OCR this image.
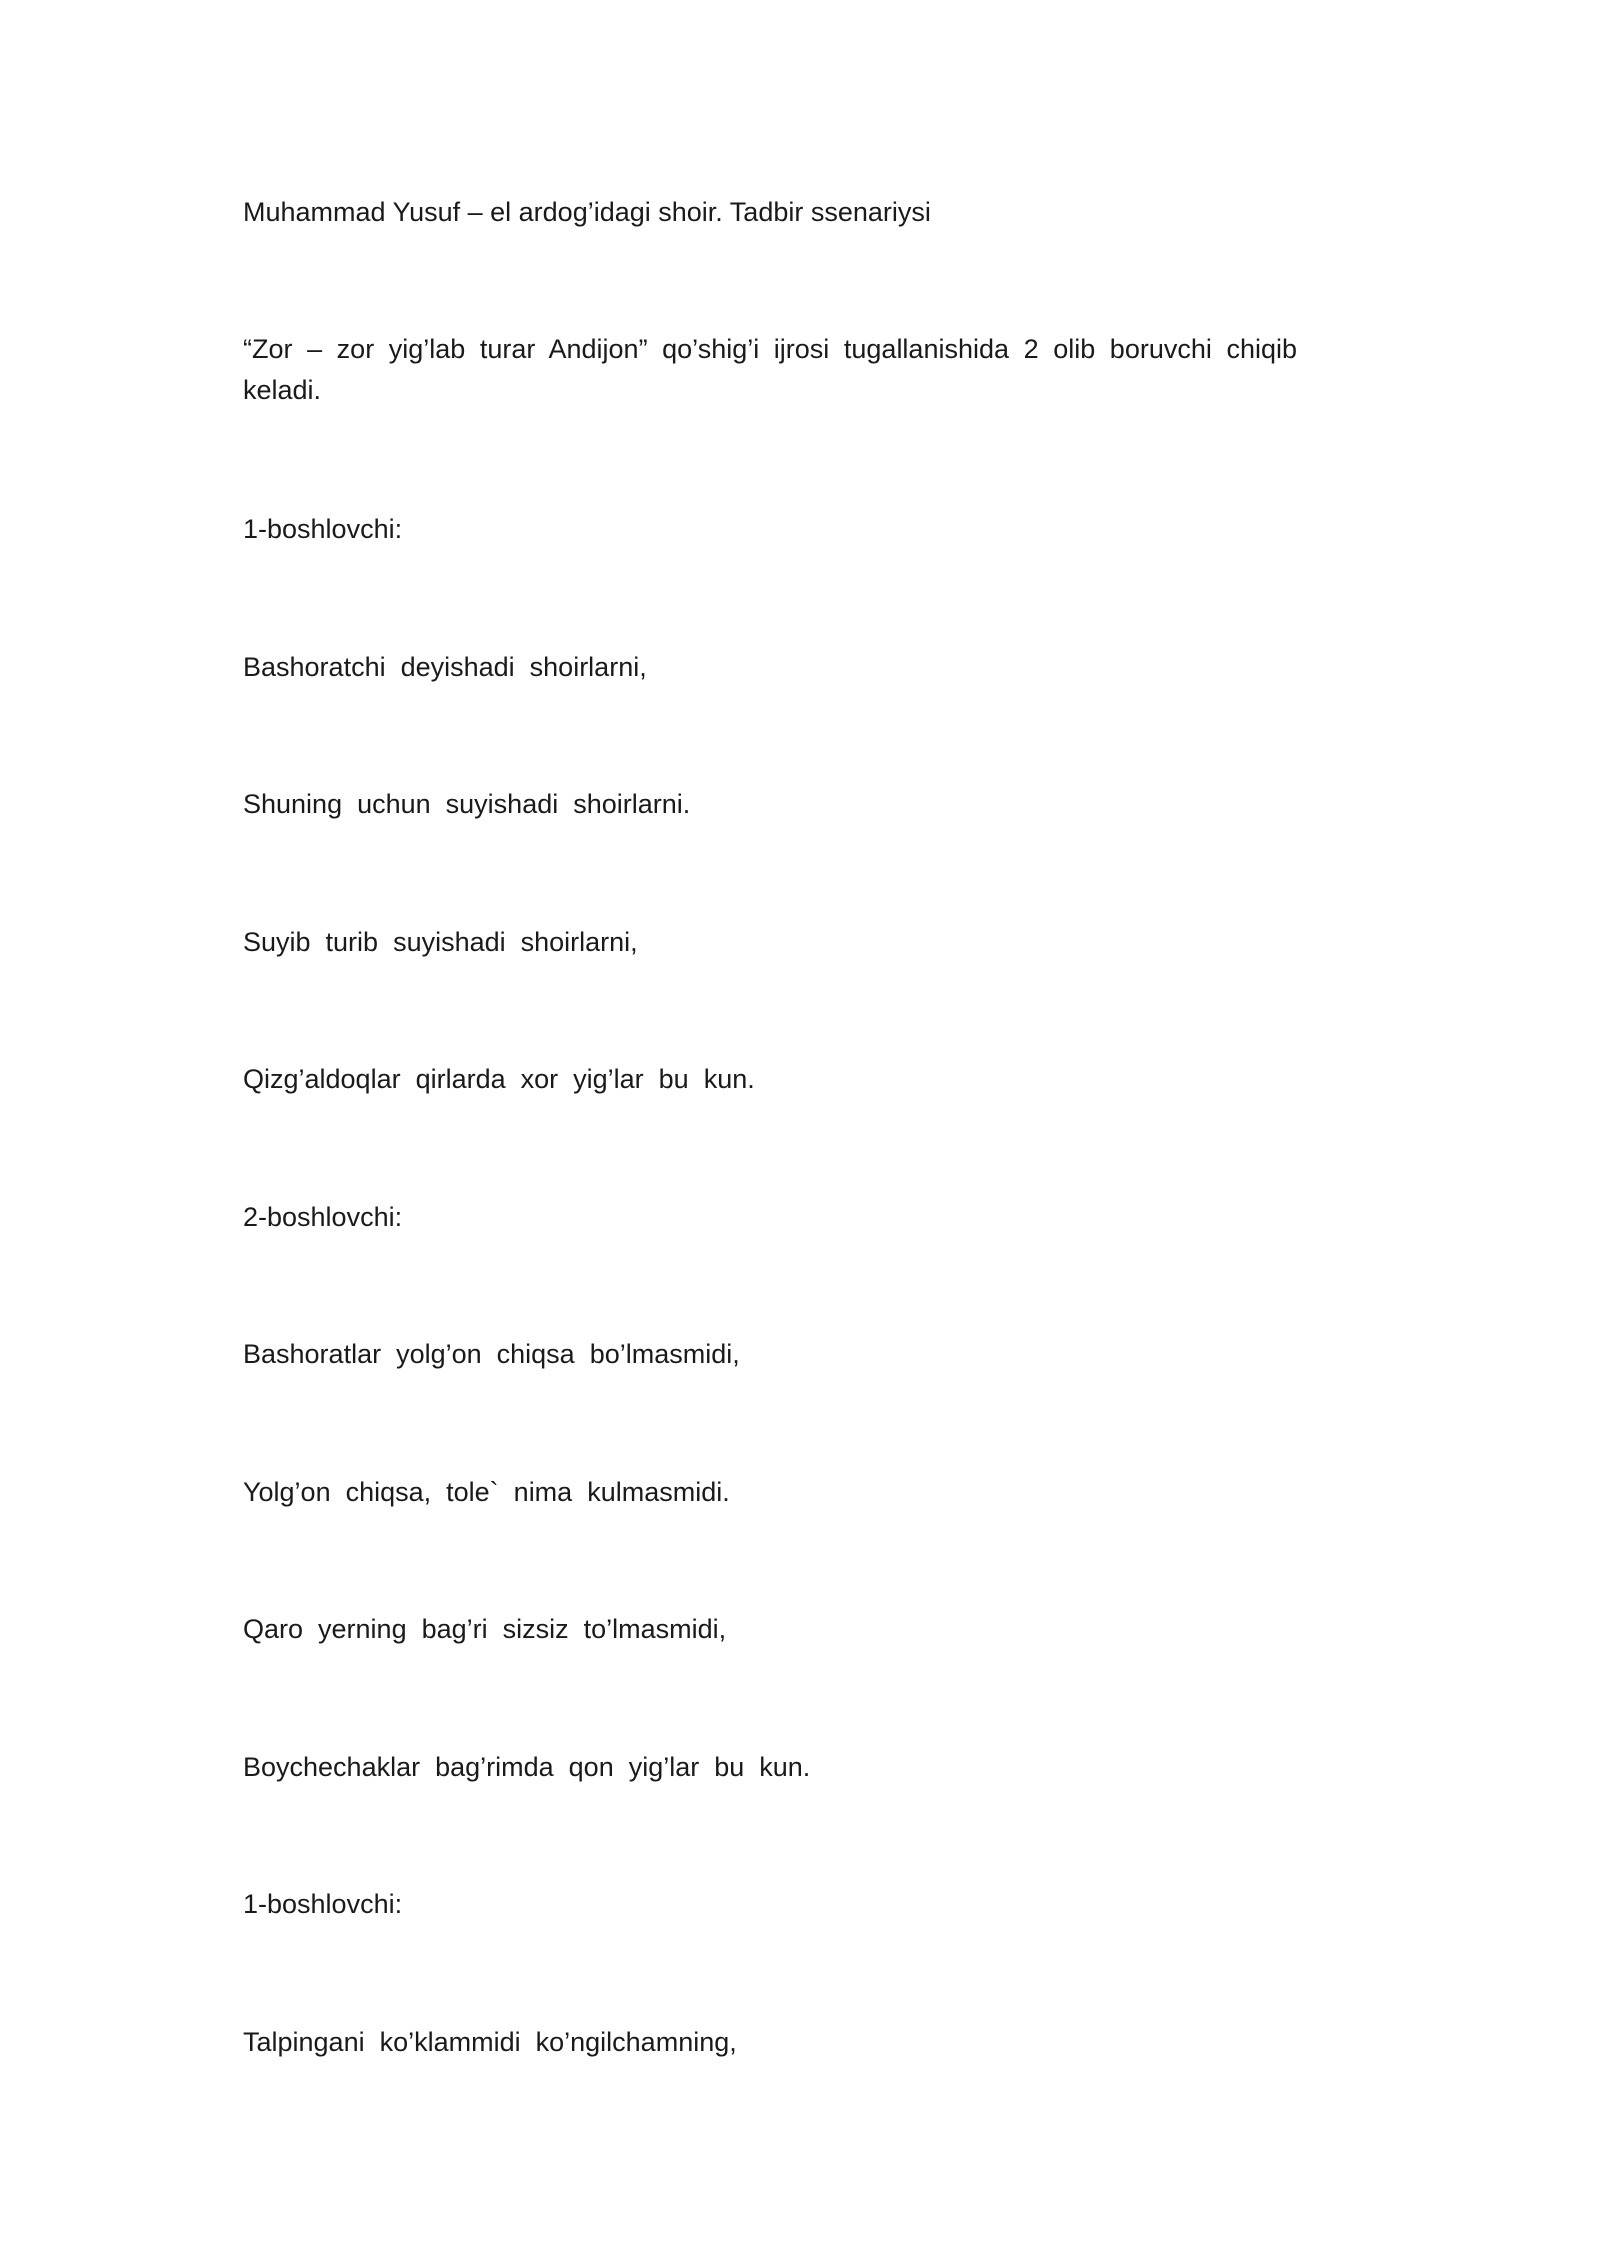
Muhammad Yusuf – el ardog’idagi shoir. Tadbir ssenariysi

“Zor – zor yig’lab turar Andijon” qo’shig’i ijrosi tugallanishida 2 olib boruvchi chiqib
keladi.

1-boshlovchi:

Bashoratchi  deyishadi  shoirlarni,

Shuning  uchun  suyishadi  shoirlarni.

Suyib  turib  suyishadi  shoirlarni,

Qizg’aldoqlar  qirlarda  xor  yig’lar  bu  kun.

2-boshlovchi:

Bashoratlar  yolg’on  chiqsa  bo’lmasmidi,

Yolg’on  chiqsa,  tole`  nima  kulmasmidi.

Qaro  yerning  bag’ri  sizsiz  to’lmasmidi,

Boychechaklar  bag’rimda  qon  yig’lar  bu  kun.

1-boshlovchi:

Talpingani  ko’klammidi  ko’ngilchamning,
